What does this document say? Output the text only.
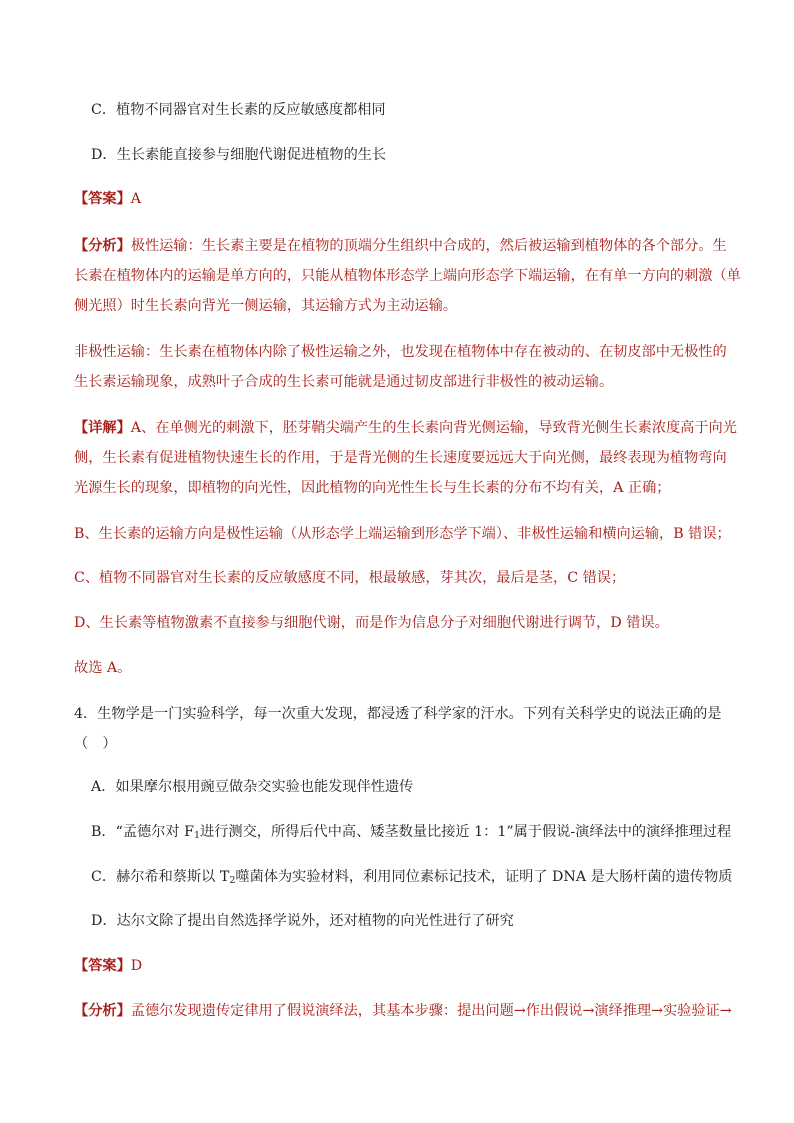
C．植物不同器官对生长素的反应敏感度都相同
D．生长素能直接参与细胞代谢促进植物的生长
【答案】A
【分析】极性运输：生长素主要是在植物的顶端分生组织中合成的，然后被运输到植物体的各个部分。生
长素在植物体内的运输是单方向的，只能从植物体形态学上端向形态学下端运输，在有单一方向的刺激（单
侧光照）时生长素向背光一侧运输，其运输方式为主动运输。
非极性运输：生长素在植物体内除了极性运输之外，也发现在植物体中存在被动的、在韧皮部中无极性的
生长素运输现象，成熟叶子合成的生长素可能就是通过韧皮部进行非极性的被动运输。
【详解】A、在单侧光的刺激下，胚芽鞘尖端产生的生长素向背光侧运输，导致背光侧生长素浓度高于向光
侧，生长素有促进植物快速生长的作用，于是背光侧的生长速度要远远大于向光侧，最终表现为植物弯向
光源生长的现象，即植物的向光性，因此植物的向光性生长与生长素的分布不均有关，A 正确；
B、生长素的运输方向是极性运输（从形态学上端运输到形态学下端）、非极性运输和横向运输，B 错误；
C、植物不同器官对生长素的反应敏感度不同，根最敏感，芽其次，最后是茎，C 错误；
D、生长素等植物激素不直接参与细胞代谢，而是作为信息分子对细胞代谢进行调节，D 错误。
故选 A。
4．生物学是一门实验科学，每一次重大发现，都浸透了科学家的汗水。下列有关科学史的说法正确的是
（　）
A．如果摩尔根用豌豆做杂交实验也能发现伴性遗传
B．“孟德尔对 $F_1$进行测交，所得后代中高、矮茎数量比接近 1：1”属于假说-演绎法中的演绎推理过程
C．赫尔希和蔡斯以 $T_2$噬菌体为实验材料，利用同位素标记技术，证明了 DNA 是大肠杆菌的遗传物质
D．达尔文除了提出自然选择学说外，还对植物的向光性进行了研究
【答案】D
【分析】孟德尔发现遗传定律用了假说演绎法，其基本步骤：提出问题→作出假说→演绎推理→实验验证→
